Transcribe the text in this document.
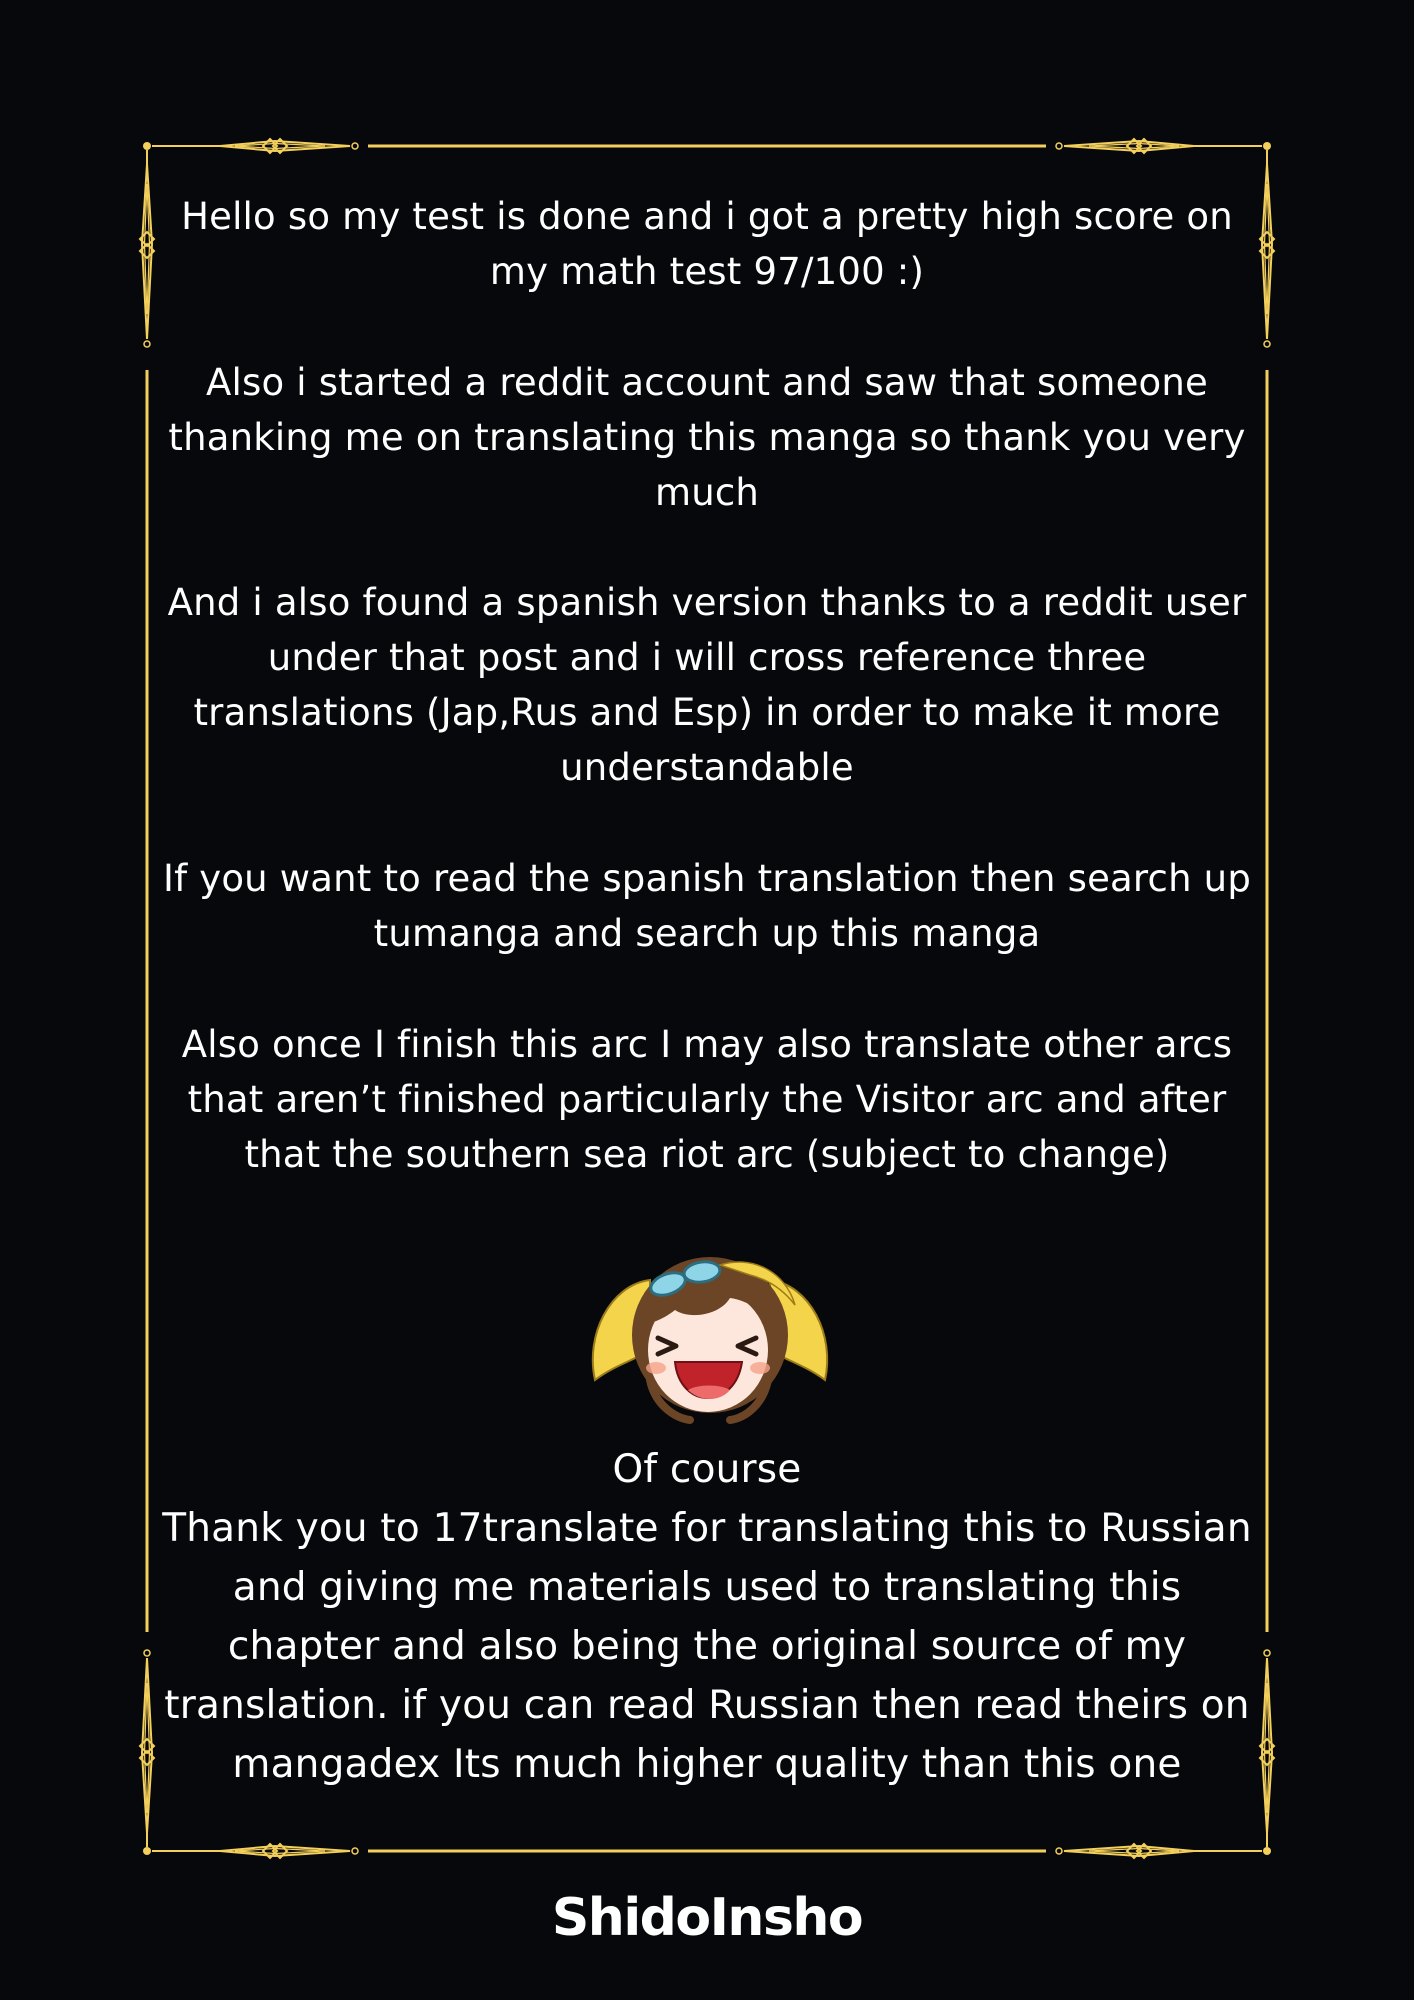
Hello so my test is done and i got a pretty high score on my math test 97/100 :)

Also i started a reddit account and saw that someone thanking me on translating this manga so thank you very much

And i also found a spanish version thanks to a reddit user under that post and i will cross reference three translations (Jap,Rus and Esp) in order to make it more understandable

If you want to read the spanish translation then search up tumanga and search up this manga

Also once I finish this arc I may also translate other arcs that aren’t finished particularly the Visitor arc and after that the southern sea riot arc (subject to change)

Of course

Thank you to 17translate for translating this to Russian and giving me materials used to translating this chapter and also being the original source of my translation. if you can read Russian then read theirs on mangadex Its much higher quality than this one

ShidoInsho
